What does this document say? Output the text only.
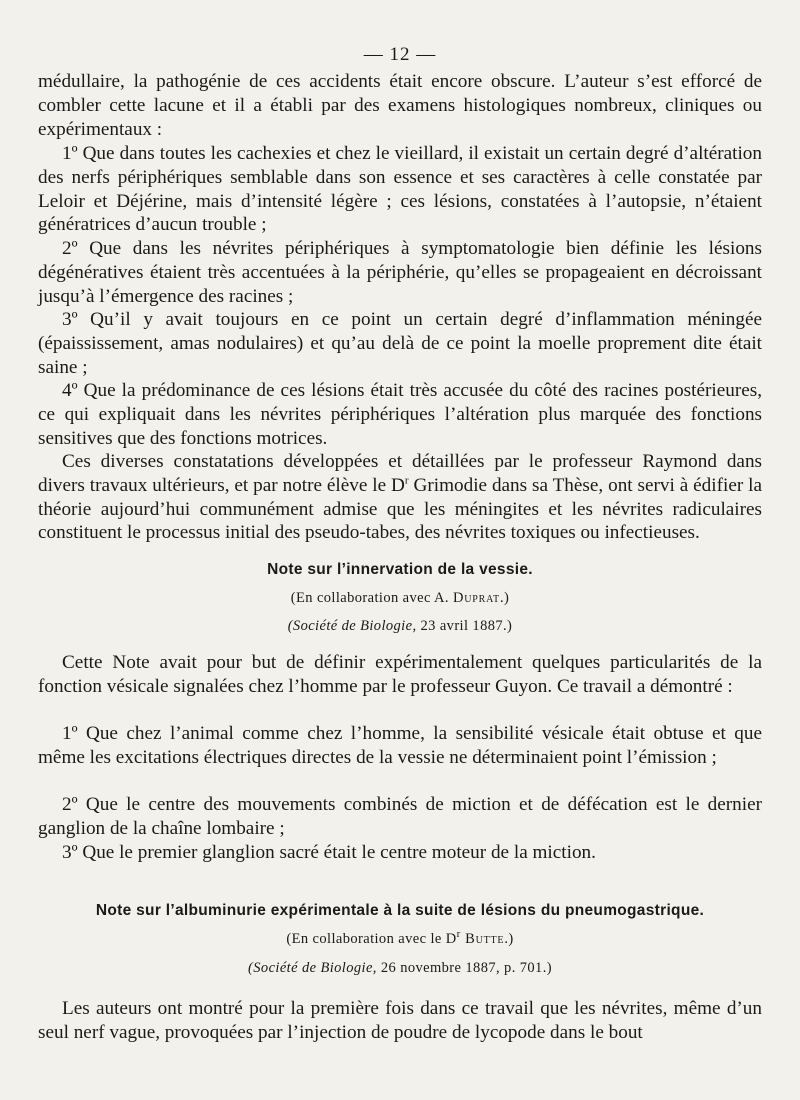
— 12 —

médullaire, la pathogénie de ces accidents était encore obscure. L’auteur s’est efforcé de combler cette lacune et il a établi par des examens histologiques nombreux, cliniques ou expérimentaux :

1º Que dans toutes les cachexies et chez le vieillard, il existait un certain degré d’altération des nerfs périphériques semblable dans son essence et ses caractères à celle constatée par Leloir et Déjérine, mais d’intensité légère ; ces lésions, constatées à l’autopsie, n’étaient génératrices d’aucun trouble ;

2º Que dans les névrites périphériques à symptomatologie bien définie les lésions dégénératives étaient très accentuées à la périphérie, qu’elles se propageaient en décroissant jusqu’à l’émergence des racines ;

3º Qu’il y avait toujours en ce point un certain degré d’inflammation méningée (épaississement, amas nodulaires) et qu’au delà de ce point la moelle proprement dite était saine ;

4º Que la prédominance de ces lésions était très accusée du côté des racines postérieures, ce qui expliquait dans les névrites périphériques l’altération plus marquée des fonctions sensitives que des fonctions motrices.

Ces diverses constatations développées et détaillées par le professeur Raymond dans divers travaux ultérieurs, et par notre élève le $D^r$ Grimodie dans sa Thèse, ont servi à édifier la théorie aujourd’hui communément admise que les méningites et les névrites radiculaires constituent le processus initial des pseudo-tabes, des névrites toxiques ou infectieuses.

Note sur l’innervation de la vessie.
(En collaboration avec A. Duprat.)
(Société de Biologie, 23 avril 1887.)

Cette Note avait pour but de définir expérimentalement quelques particularités de la fonction vésicale signalées chez l’homme par le professeur Guyon. Ce travail a démontré :

1º Que chez l’animal comme chez l’homme, la sensibilité vésicale était obtuse et que même les excitations électriques directes de la vessie ne déterminaient point l’émission ;

2º Que le centre des mouvements combinés de miction et de défécation est le dernier ganglion de la chaîne lombaire ;

3º Que le premier glanglion sacré était le centre moteur de la miction.

Note sur l’albuminurie expérimentale à la suite de lésions du pneumogastrique.
(En collaboration avec le $D^r$ Butte.)
(Société de Biologie, 26 novembre 1887, p. 701.)

Les auteurs ont montré pour la première fois dans ce travail que les névrites, même d’un seul nerf vague, provoquées par l’injection de poudre de lycopode dans le bout
